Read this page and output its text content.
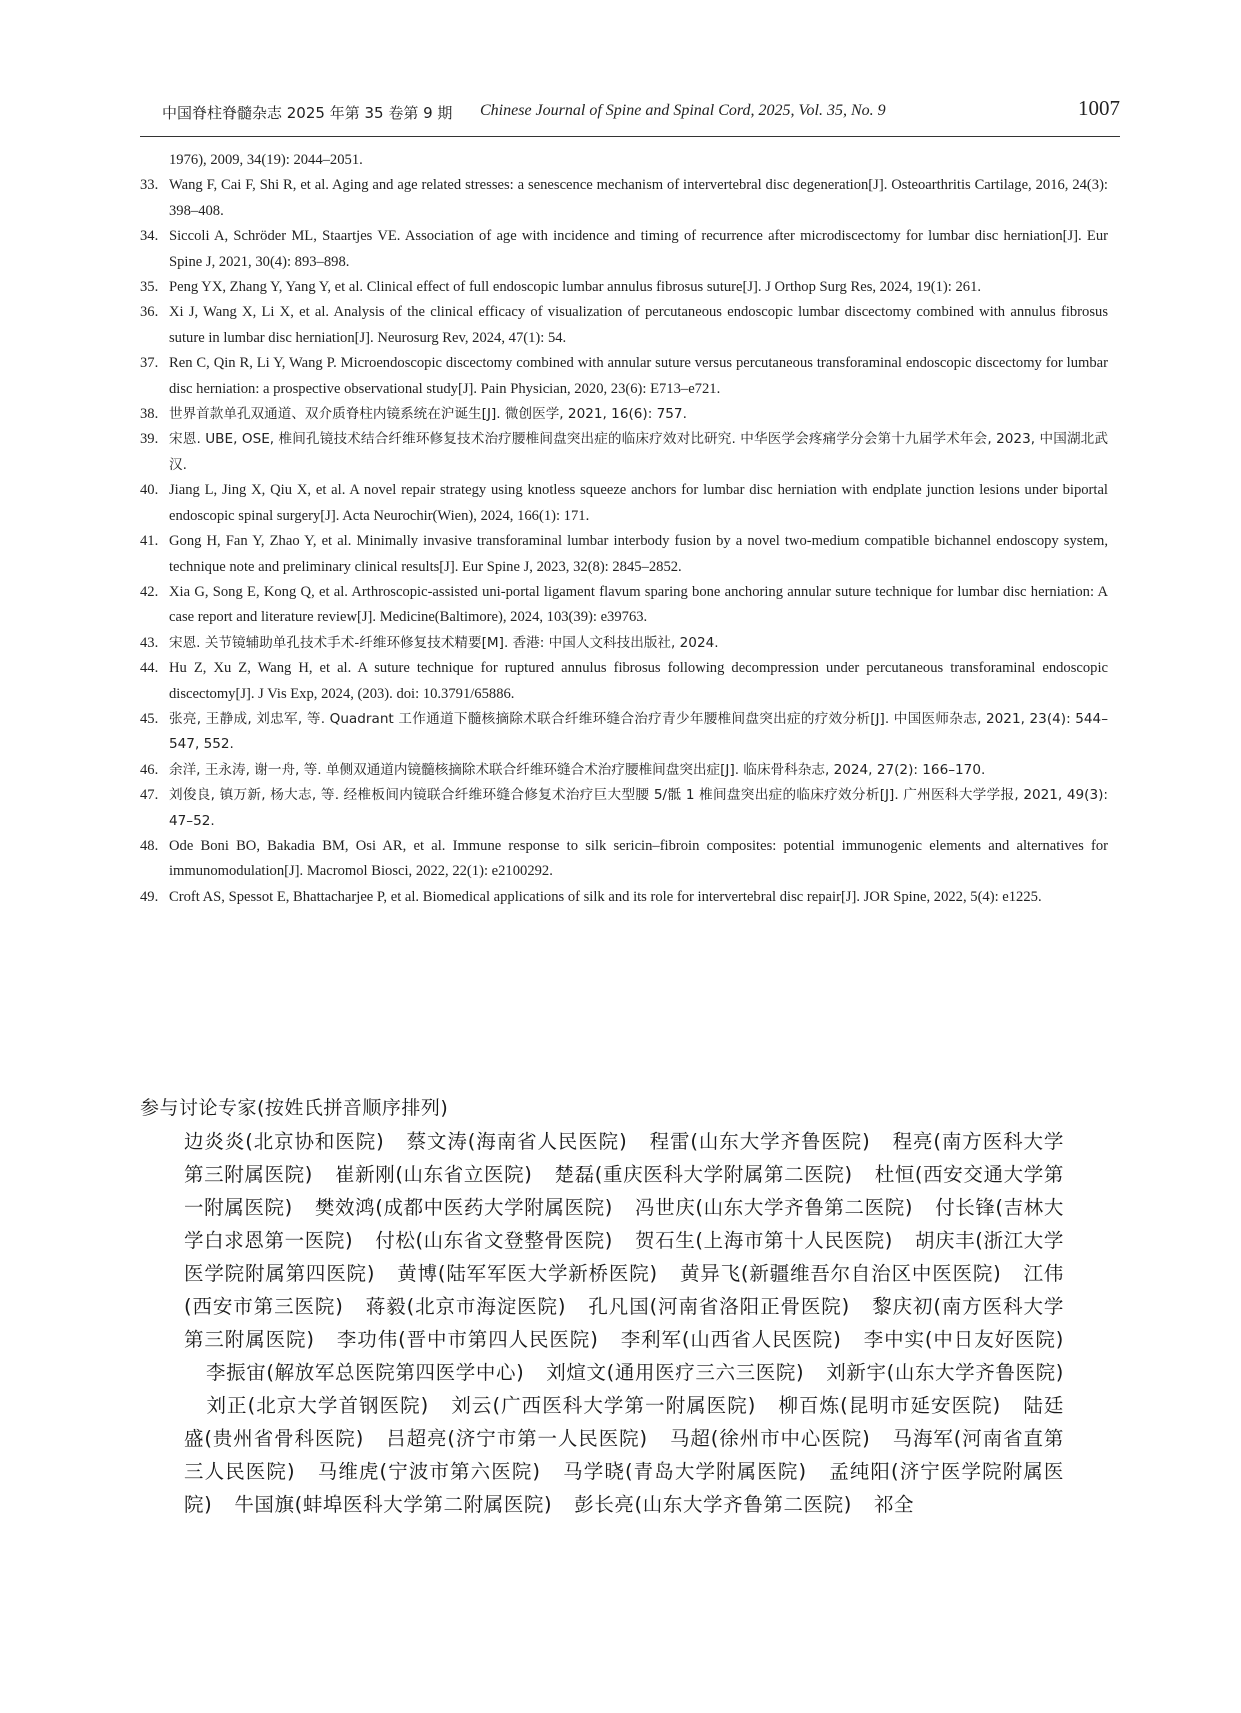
中国脊柱脊髓杂志 2025 年第 35 卷第 9 期 Chinese Journal of Spine and Spinal Cord, 2025, Vol. 35, No. 9	1007
1976), 2009, 34(19): 2044–2051.
33. Wang F, Cai F, Shi R, et al. Aging and age related stresses: a senescence mechanism of intervertebral disc degeneration[J]. Osteoarthritis Cartilage, 2016, 24(3): 398–408.
34. Siccoli A, Schröder ML, Staartjes VE. Association of age with incidence and timing of recurrence after microdiscectomy for lumbar disc herniation[J]. Eur Spine J, 2021, 30(4): 893–898.
35. Peng YX, Zhang Y, Yang Y, et al. Clinical effect of full endoscopic lumbar annulus fibrosus suture[J]. J Orthop Surg Res, 2024, 19(1): 261.
36. Xi J, Wang X, Li X, et al. Analysis of the clinical efficacy of visualization of percutaneous endoscopic lumbar discectomy combined with annulus fibrosus suture in lumbar disc herniation[J]. Neurosurg Rev, 2024, 47(1): 54.
37. Ren C, Qin R, Li Y, Wang P. Microendoscopic discectomy combined with annular suture versus percutaneous transforaminal endoscopic discectomy for lumbar disc herniation: a prospective observational study[J]. Pain Physician, 2020, 23(6): E713–e721.
38. 世界首款单孔双通道、双介质脊柱内镜系统在沪诞生[J]. 微创医学, 2021, 16(6): 757.
39. 宋恩. UBE, OSE, 椎间孔镜技术结合纤维环修复技术治疗腰椎间盘突出症的临床疗效对比研究. 中华医学会疼痛学分会第十九届学术年会, 2023, 中国湖北武汉.
40. Jiang L, Jing X, Qiu X, et al. A novel repair strategy using knotless squeeze anchors for lumbar disc herniation with endplate junction lesions under biportal endoscopic spinal surgery[J]. Acta Neurochir(Wien), 2024, 166(1): 171.
41. Gong H, Fan Y, Zhao Y, et al. Minimally invasive transforaminal lumbar interbody fusion by a novel two-medium compatible bichannel endoscopy system, technique note and preliminary clinical results[J]. Eur Spine J, 2023, 32(8): 2845–2852.
42. Xia G, Song E, Kong Q, et al. Arthroscopic-assisted uni-portal ligament flavum sparing bone anchoring annular suture technique for lumbar disc herniation: A case report and literature review[J]. Medicine(Baltimore), 2024, 103(39): e39763.
43. 宋恩. 关节镜辅助单孔技术手术-纤维环修复技术精要[M]. 香港: 中国人文科技出版社, 2024.
44. Hu Z, Xu Z, Wang H, et al. A suture technique for ruptured annulus fibrosus following decompression under percutaneous transforaminal endoscopic discectomy[J]. J Vis Exp, 2024, (203). doi: 10.3791/65886.
45. 张亮, 王静成, 刘忠军, 等. Quadrant 工作通道下髓核摘除术联合纤维环缝合治疗青少年腰椎间盘突出症的疗效分析[J]. 中国医师杂志, 2021, 23(4): 544–547, 552.
46. 余洋, 王永涛, 谢一舟, 等. 单侧双通道内镜髓核摘除术联合纤维环缝合术治疗腰椎间盘突出症[J]. 临床骨科杂志, 2024, 27(2): 166–170.
47. 刘俊良, 镇万新, 杨大志, 等. 经椎板间内镜联合纤维环缝合修复术治疗巨大型腰 5/骶 1 椎间盘突出症的临床疗效分析[J]. 广州医科大学学报, 2021, 49(3): 47–52.
48. Ode Boni BO, Bakadia BM, Osi AR, et al. Immune response to silk sericin–fibroin composites: potential immunogenic elements and alternatives for immunomodulation[J]. Macromol Biosci, 2022, 22(1): e2100292.
49. Croft AS, Spessot E, Bhattacharjee P, et al. Biomedical applications of silk and its role for intervertebral disc repair[J]. JOR Spine, 2022, 5(4): e1225.
参与讨论专家(按姓氏拼音顺序排列)
边炎炎(北京协和医院) 蔡文涛(海南省人民医院) 程雷(山东大学齐鲁医院) 程亮(南方医科大学第三附属医院) 崔新刚(山东省立医院) 楚磊(重庆医科大学附属第二医院) 杜恒(西安交通大学第一附属医院) 樊效鸿(成都中医药大学附属医院) 冯世庆(山东大学齐鲁第二医院) 付长锋(吉林大学白求恩第一医院) 付松(山东省文登整骨医院) 贺石生(上海市第十人民医院) 胡庆丰(浙江大学医学院附属第四医院) 黄博(陆军军医大学新桥医院) 黄异飞(新疆维吾尔自治区中医医院) 江伟(西安市第三医院) 蒋毅(北京市海淀医院) 孔凡国(河南省洛阳正骨医院) 黎庆初(南方医科大学第三附属医院) 李功伟(晋中市第四人民医院) 李利军(山西省人民医院) 李中实(中日友好医院)李振宙(解放军总医院第四医学中心) 刘煊文(通用医疗三六三医院) 刘新宇(山东大学齐鲁医院)刘正(北京大学首钢医院) 刘云(广西医科大学第一附属医院) 柳百炼(昆明市延安医院) 陆廷盛(贵州省骨科医院) 吕超亮(济宁市第一人民医院) 马超(徐州市中心医院) 马海军(河南省直第三人民医院) 马维虎(宁波市第六医院) 马学晓(青岛大学附属医院) 孟纯阳(济宁医学院附属医院) 牛国旗(蚌埠医科大学第二附属医院) 彭长亮(山东大学齐鲁第二医院) 祁全
